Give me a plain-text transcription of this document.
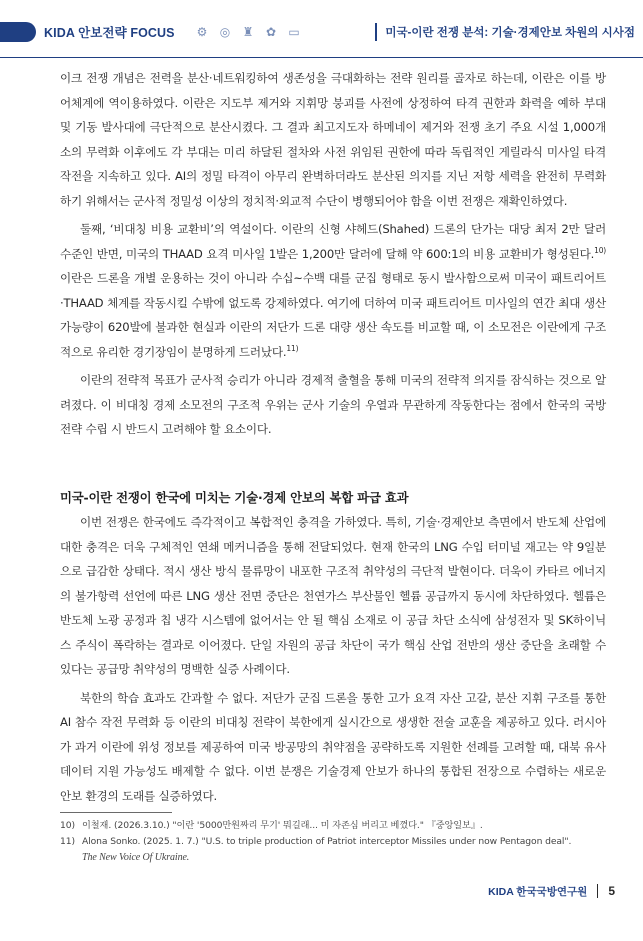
KIDA 안보전략 FOCUS ⚙ ◎ ♜ ✿ ▭	미국-이란 전쟁 분석: 기술·경제안보 차원의 시사점

이크 전쟁 개념은 전력을 분산·네트워킹하여 생존성을 극대화하는 전략 원리를 골자로 하는데, 이란은 이를 방어체계에 역이용하였다. 이란은 지도부 제거와 지휘망 붕괴를 사전에 상정하여 타격 권한과 화력을 예하 부대 및 기동 발사대에 극단적으로 분산시켰다. 그 결과 최고지도자 하메네이 제거와 전쟁 초기 주요 시설 1,000개소의 무력화 이후에도 각 부대는 미리 하달된 절차와 사전 위임된 권한에 따라 독립적인 게릴라식 미사일 타격 작전을 지속하고 있다. AI의 정밀 타격이 아무리 완벽하더라도 분산된 의지를 지닌 저항 세력을 완전히 무력화하기 위해서는 군사적 정밀성 이상의 정치적·외교적 수단이 병행되어야 함을 이번 전쟁은 재확인하였다.

둘째, ‘비대칭 비용 교환비’의 역설이다. 이란의 신형 샤헤드(Shahed) 드론의 단가는 대당 최저 2만 달러 수준인 반면, 미국의 THAAD 요격 미사일 1발은 1,200만 달러에 달해 약 600:1의 비용 교환비가 형성된다.$^{10)}$ 이란은 드론을 개별 운용하는 것이 아니라 수십~수백 대를 군집 형태로 동시 발사함으로써 미국이 패트리어트·THAAD 체계를 작동시킬 수밖에 없도록 강제하였다. 여기에 더하여 미국 패트리어트 미사일의 연간 최대 생산 가능량이 620발에 불과한 현실과 이란의 저단가 드론 대량 생산 속도를 비교할 때, 이 소모전은 이란에게 구조적으로 유리한 경기장임이 분명하게 드러났다.$^{11)}$

이란의 전략적 목표가 군사적 승리가 아니라 경제적 출혈을 통해 미국의 전략적 의지를 잠식하는 것으로 알려졌다. 이 비대칭 경제 소모전의 구조적 우위는 군사 기술의 우열과 무관하게 작동한다는 점에서 한국의 국방전략 수립 시 반드시 고려해야 할 요소이다.

미국-이란 전쟁이 한국에 미치는 기술·경제 안보의 복합 파급 효과

이번 전쟁은 한국에도 즉각적이고 복합적인 충격을 가하였다. 특히, 기술·경제안보 측면에서 반도체 산업에 대한 충격은 더욱 구체적인 연쇄 메커니즘을 통해 전달되었다. 현재 한국의 LNG 수입 터미널 재고는 약 9일분으로 급감한 상태다. 적시 생산 방식 물류망이 내포한 구조적 취약성의 극단적 발현이다. 더욱이 카타르 에너지의 불가항력 선언에 따른 LNG 생산 전면 중단은 천연가스 부산물인 헬륨 공급까지 동시에 차단하였다. 헬륨은 반도체 노광 공정과 칩 냉각 시스템에 없어서는 안 될 핵심 소재로 이 공급 차단 소식에 삼성전자 및 SK하이닉스 주식이 폭락하는 결과로 이어졌다. 단일 자원의 공급 차단이 국가 핵심 산업 전반의 생산 중단을 초래할 수 있다는 공급망 취약성의 명백한 실증 사례이다.

북한의 학습 효과도 간과할 수 없다. 저단가 군집 드론을 통한 고가 요격 자산 고갈, 분산 지휘 구조를 통한 AI 참수 작전 무력화 등 이란의 비대칭 전략이 북한에게 실시간으로 생생한 전술 교훈을 제공하고 있다. 러시아가 과거 이란에 위성 정보를 제공하여 미국 방공망의 취약점을 공략하도록 지원한 선례를 고려할 때, 대북 유사 데이터 지원 가능성도 배제할 수 없다. 이번 분쟁은 기술경제 안보가 하나의 통합된 전장으로 수렴하는 새로운 안보 환경의 도래를 실증하였다.

10) 이철재. (2026.3.10.) "이란 '5000만원짜리 무기' 뭐길래... 미 자존심 버리고 베꼈다." 『중앙일보』.
11) Alona Sonko. (2025. 1. 7.) "U.S. to triple production of Patriot interceptor Missiles under now Pentagon deal".
The New Voice Of Ukraine.
KIDA 한국국방연구원 5
